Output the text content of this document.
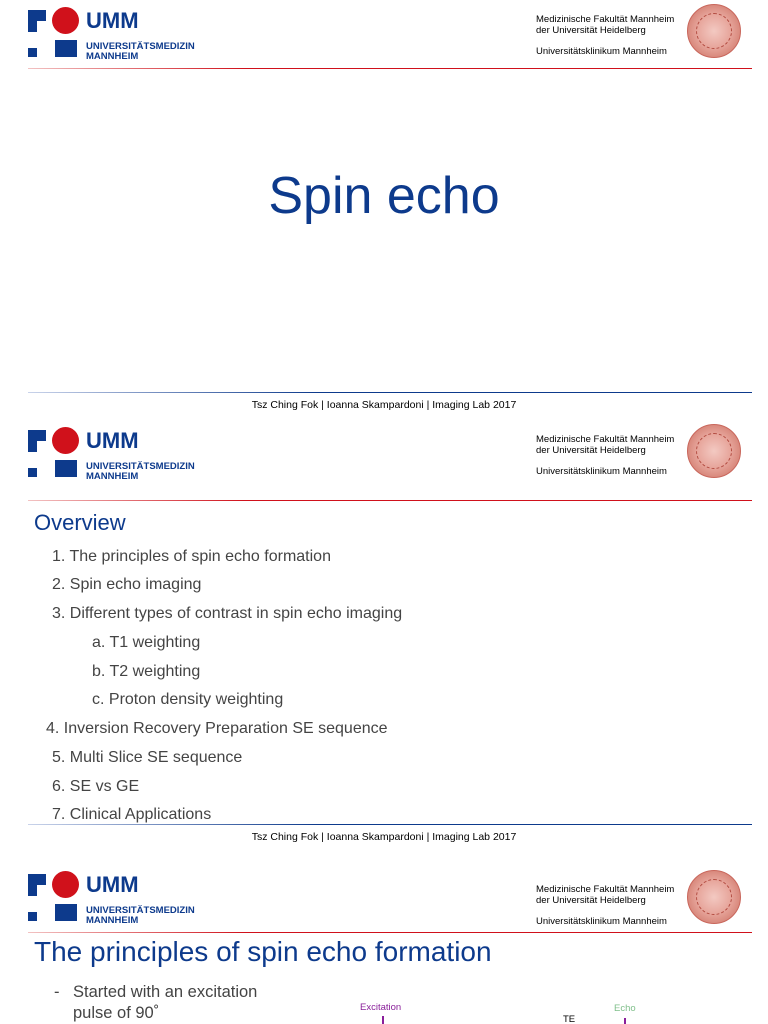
UMM
UNIVERSITÄTSMEDIZIN
MANNHEIM
Medizinische Fakultät Mannheim
der Universität Heidelberg
Universitätsklinikum Mannheim
Spin echo
Tsz Ching Fok | Ioanna Skampardoni | Imaging Lab 2017
UMM
UNIVERSITÄTSMEDIZIN
MANNHEIM
Medizinische Fakultät Mannheim
der Universität Heidelberg
Universitätsklinikum Mannheim
Overview
1. The principles of spin echo formation
2. Spin echo imaging
3. Different types of contrast in spin echo imaging
a. T1 weighting
b. T2 weighting
c. Proton density weighting
4. Inversion Recovery Preparation SE sequence
5. Multi Slice SE sequence
6. SE vs GE
7. Clinical Applications
Tsz Ching Fok | Ioanna Skampardoni | Imaging Lab 2017
UMM
UNIVERSITÄTSMEDIZIN
MANNHEIM
Medizinische Fakultät Mannheim
der Universität Heidelberg
Universitätsklinikum Mannheim
The principles of spin echo formation
- Started with an excitation
pulse of 90˚	Excitation
TE
Echo
